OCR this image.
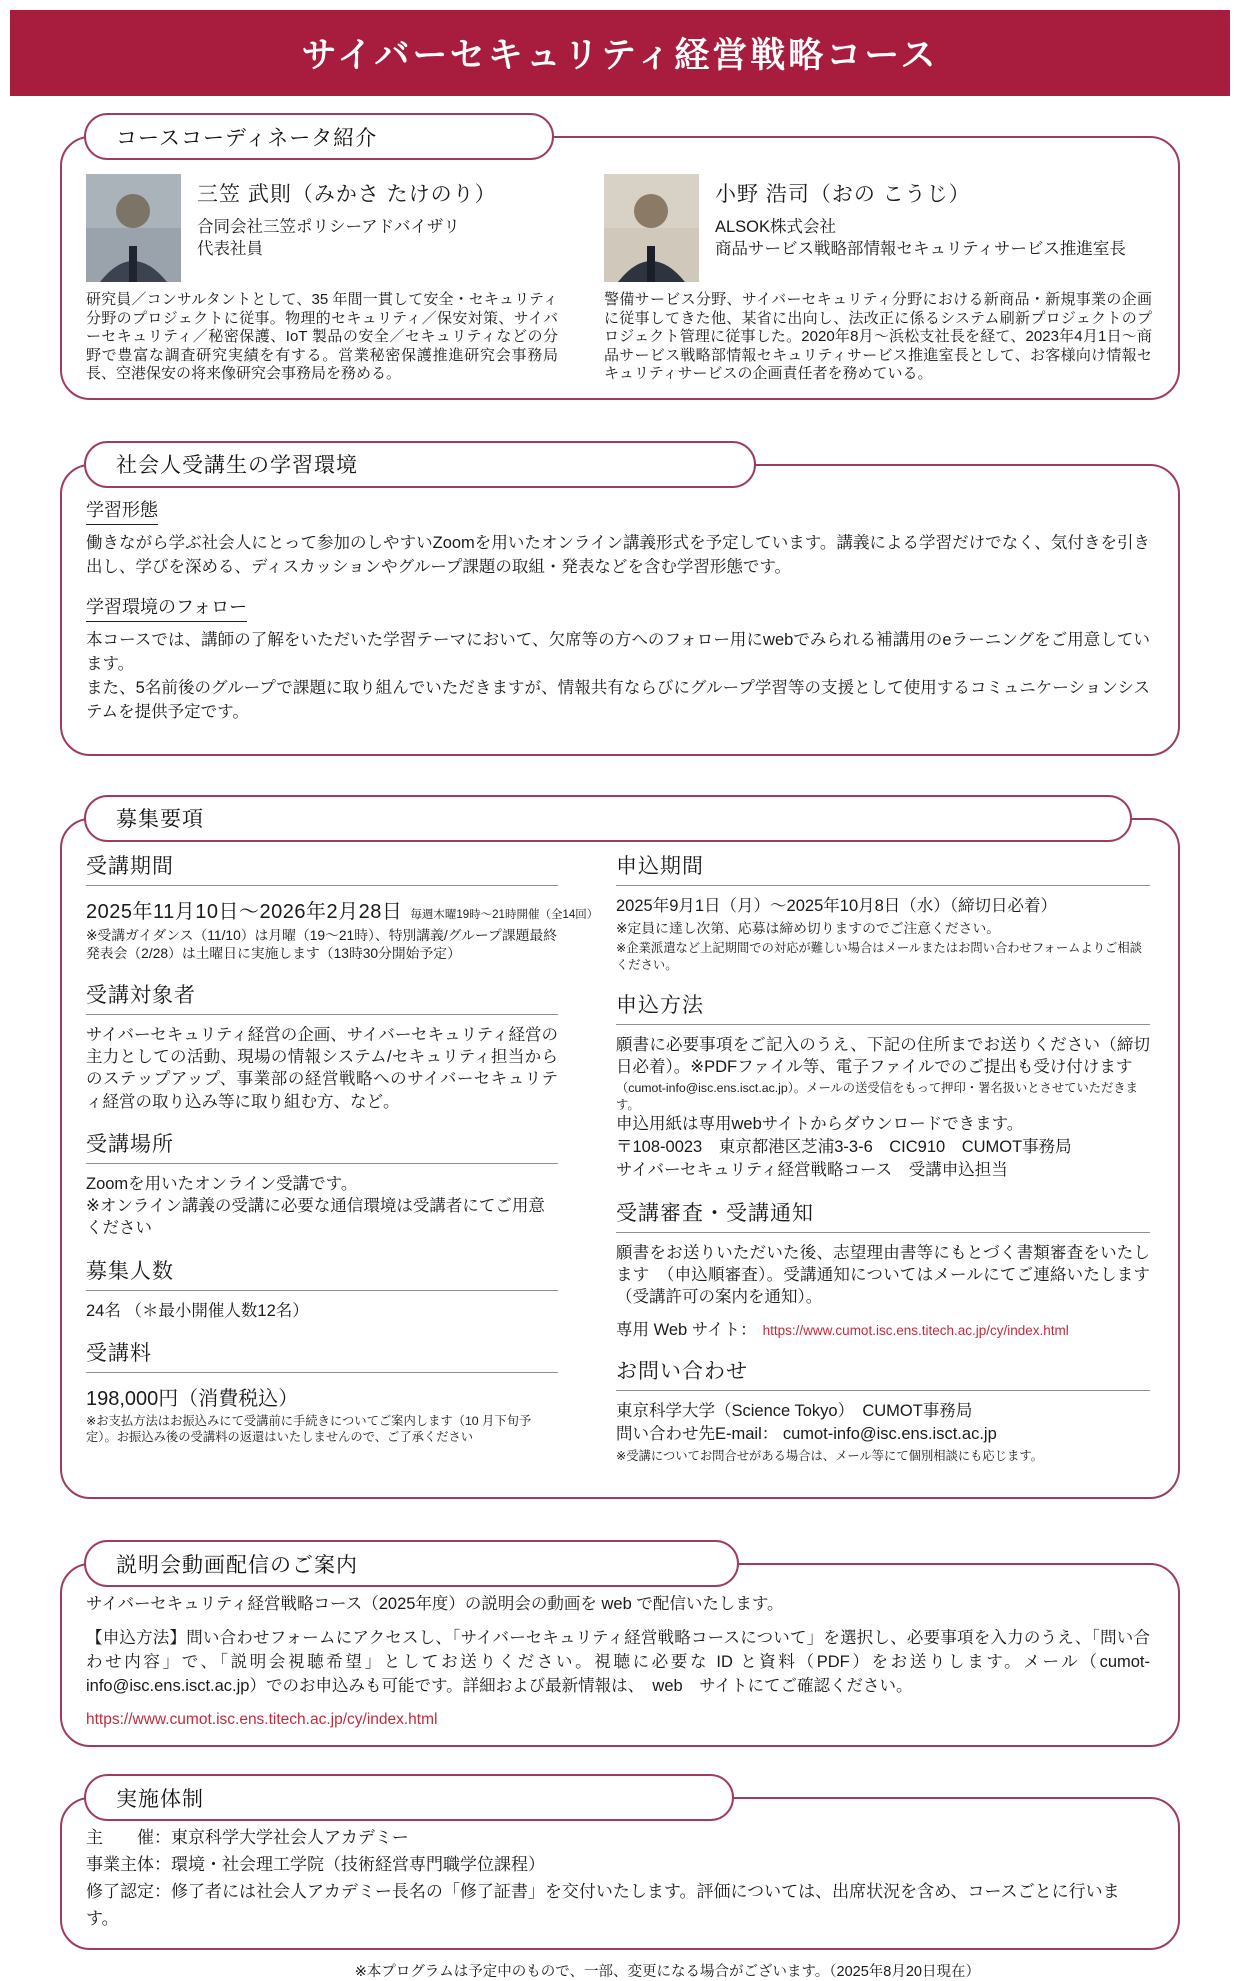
サイバーセキュリティ経営戦略コース
コースコーディネータ紹介
三笠 武則（みかさ たけのり）
合同会社三笠ポリシーアドバイザリ
代表社員

研究員／コンサルタントとして、35 年間一貫して安全・セキュリティ分野のプロジェクトに従事。物理的セキュリティ／保安対策、サイバーセキュリティ／秘密保護、IoT 製品の安全／セキュリティなどの分野で豊富な調査研究実績を有する。営業秘密保護推進研究会事務局長、空港保安の将来像研究会事務局を務める。

小野 浩司（おの こうじ）
ALSOK株式会社
商品サービス戦略部情報セキュリティサービス推進室長

警備サービス分野、サイバーセキュリティ分野における新商品・新規事業の企画に従事してきた他、某省に出向し、法改正に係るシステム刷新プロジェクトのプロジェクト管理に従事した。2020年8月～浜松支社長を経て、2023年4月1日～商品サービス戦略部情報セキュリティサービス推進室長として、お客様向け情報セキュリティサービスの企画責任者を務めている。

社会人受講生の学習環境
学習形態

働きながら学ぶ社会人にとって参加のしやすいZoomを用いたオンライン講義形式を予定しています。講義による学習だけでなく、気付きを引き出し、学びを深める、ディスカッションやグループ課題の取組・発表などを含む学習形態です。

学習環境のフォロー

本コースでは、講師の了解をいただいた学習テーマにおいて、欠席等の方へのフォロー用にwebでみられる補講用のeラーニングをご用意しています。

また、5名前後のグループで課題に取り組んでいただきますが、情報共有ならびにグループ学習等の支援として使用するコミュニケーションシステムを提供予定です。

募集要項
受講期間
2025年11月10日～2026年2月28日 毎週木曜19時～21時開催（全14回）

※受講ガイダンス（11/10）は月曜（19～21時）、特別講義/グループ課題最終発表会（2/28）は土曜日に実施します（13時30分開始予定）

受講対象者

サイバーセキュリティ経営の企画、サイバーセキュリティ経営の主力としての活動、現場の情報システム/セキュリティ担当からのステップアップ、事業部の経営戦略へのサイバーセキュリティ経営の取り込み等に取り組む方、など。

受講場所

Zoomを用いたオンライン受講です。

※オンライン講義の受講に必要な通信環境は受講者にてご用意ください

募集人数

24名 （＊最小開催人数12名）

受講料

198,000円（消費税込）

※お支払方法はお振込みにて受講前に手続きについてご案内します（10 月下旬予定）。お振込み後の受講料の返還はいたしませんので、ご了承ください

申込期間

2025年9月1日（月）～2025年10月8日（水）（締切日必着）

※定員に達し次第、応募は締め切りますのでご注意ください。

※企業派遣など上記期間での対応が難しい場合はメールまたはお問い合わせフォームよりご相談ください。

申込方法

願書に必要事項をご記入のうえ、下記の住所までお送りください（締切日必着）。※PDFファイル等、電子ファイルでのご提出も受け付けます

（cumot-info@isc.ens.isct.ac.jp）。メールの送受信をもって押印・署名扱いとさせていただきます。

申込用紙は専用webサイトからダウンロードできます。

〒108-0023　東京都港区芝浦3-3-6　CIC910　CUMOT事務局

サイバーセキュリティ経営戦略コース　受講申込担当

受講審査・受講通知

願書をお送りいただいた後、志望理由書等にもとづく書類審査をいたします　（申込順審査）。受講通知についてはメールにてご連絡いたします（受講許可の案内を通知）。

専用 Web サイト： https://www.cumot.isc.ens.titech.ac.jp/cy/index.html
お問い合わせ

東京科学大学（Science Tokyo）　CUMOT事務局

問い合わせ先E-mail： cumot-info@isc.ens.isct.ac.jp

※受講についてお問合せがある場合は、メール等にて個別相談にも応じます。

説明会動画配信のご案内

サイバーセキュリティ経営戦略コース（2025年度）の説明会の動画を web で配信いたします。

【申込方法】問い合わせフォームにアクセスし、「サイバーセキュリティ経営戦略コースについて」を選択し、必要事項を入力のうえ、「問い合わせ内容」で、「説明会視聴希望」としてお送りください。視聴に必要な ID と資料（PDF）をお送りします。メール（cumot-info@isc.ens.isct.ac.jp）でのお申込みも可能です。詳細および最新情報は、　web　サイトにてご確認ください。

https://www.cumot.isc.ens.titech.ac.jp/cy/index.html
実施体制

主　　催：東京科学大学社会人アカデミー

事業主体：環境・社会理工学院（技術経営専門職学位課程）

修了認定：修了者には社会人アカデミー長名の「修了証書」を交付いたします。評価については、出席状況を含め、コースごとに行います。

※本プログラムは予定中のもので、一部、変更になる場合がございます。（2025年8月20日現在）
